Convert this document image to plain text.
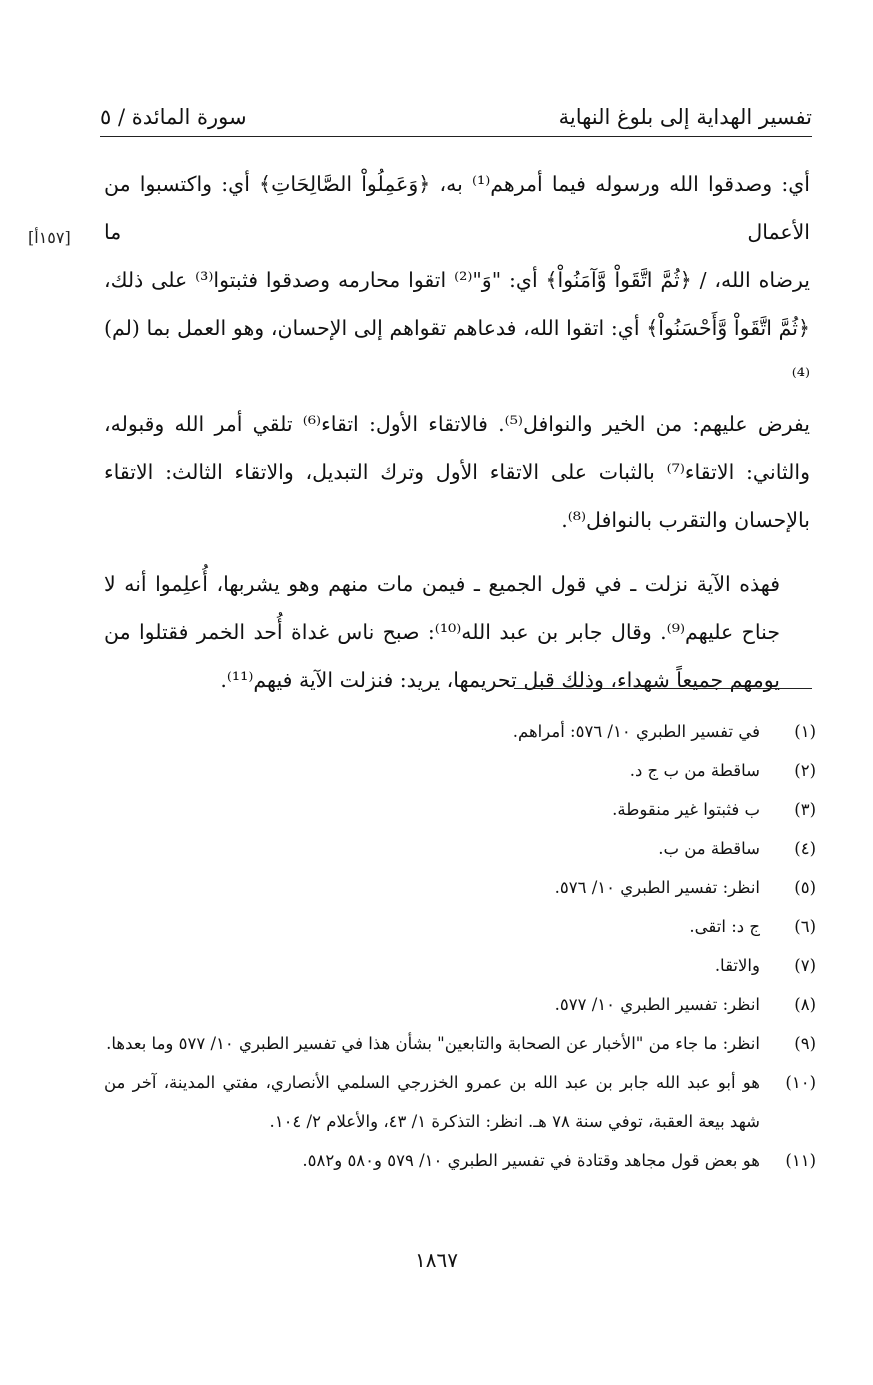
تفسير الهداية إلى بلوغ النهاية
سورة المائدة / ٥
[١٥٧أ]

أي: وصدقوا الله ورسوله فيما أمرهم⁽¹⁾ به، ﴿وَعَمِلُواْ الصَّالِحَاتِ﴾ أي: واكتسبوا من الأعمال ما
يرضاه الله، / ﴿ثُمَّ اتَّقَواْ وَّآمَنُواْ﴾ أي: "وَ"⁽²⁾ اتقوا محارمه وصدقوا فثبتوا⁽³⁾ على ذلك،
﴿ثُمَّ اتَّقَواْ وَّأَحْسَنُواْ﴾ أي: اتقوا الله، فدعاهم تقواهم إلى الإحسان، وهو العمل بما (لم)⁽⁴⁾
يفرض عليهم: من الخير والنوافل⁽⁵⁾. فالاتقاء الأول: اتقاء⁽⁶⁾ تلقي أمر الله وقبوله،
والثاني: الاتقاء⁽⁷⁾ بالثبات على الاتقاء الأول وترك التبديل، والاتقاء الثالث: الاتقاء
بالإحسان والتقرب بالنوافل⁽⁸⁾.

فهذه الآية نزلت ـ في قول الجميع ـ فيمن مات منهم وهو يشربها، أُعلِموا أنه لا
جناح عليهم⁽⁹⁾. وقال جابر بن عبد الله⁽¹⁰⁾: صبح ناس غداة أُحد الخمر فقتلوا من
يومهم جميعاً شهداء، وذلك قبل تحريمها، يريد: فنزلت الآية فيهم⁽¹¹⁾.

(١)
في تفسير الطبري ١٠/ ٥٧٦: أمراهم.
(٢)
ساقطة من ب ج د.
(٣)
ب فثبتوا غير منقوطة.
(٤)
ساقطة من ب.
(٥)
انظر: تفسير الطبري ١٠/ ٥٧٦.
(٦)
ج د: اتقى.
(٧)
والاتقا.
(٨)
انظر: تفسير الطبري ١٠/ ٥٧٧.
(٩)
انظر: ما جاء من "الأخبار عن الصحابة والتابعين" بشأن هذا في تفسير الطبري ١٠/ ٥٧٧ وما بعدها.
(١٠)
هو أبو عبد الله جابر بن عبد الله بن عمرو الخزرجي السلمي الأنصاري، مفتي المدينة، آخر من شهد بيعة العقبة، توفي سنة ٧٨ هـ. انظر: التذكرة ١/ ٤٣، والأعلام ٢/ ١٠٤.
(١١)
هو بعض قول مجاهد وقتادة في تفسير الطبري ١٠/ ٥٧٩ و٥٨٠ و٥٨٢.
١٨٦٧
